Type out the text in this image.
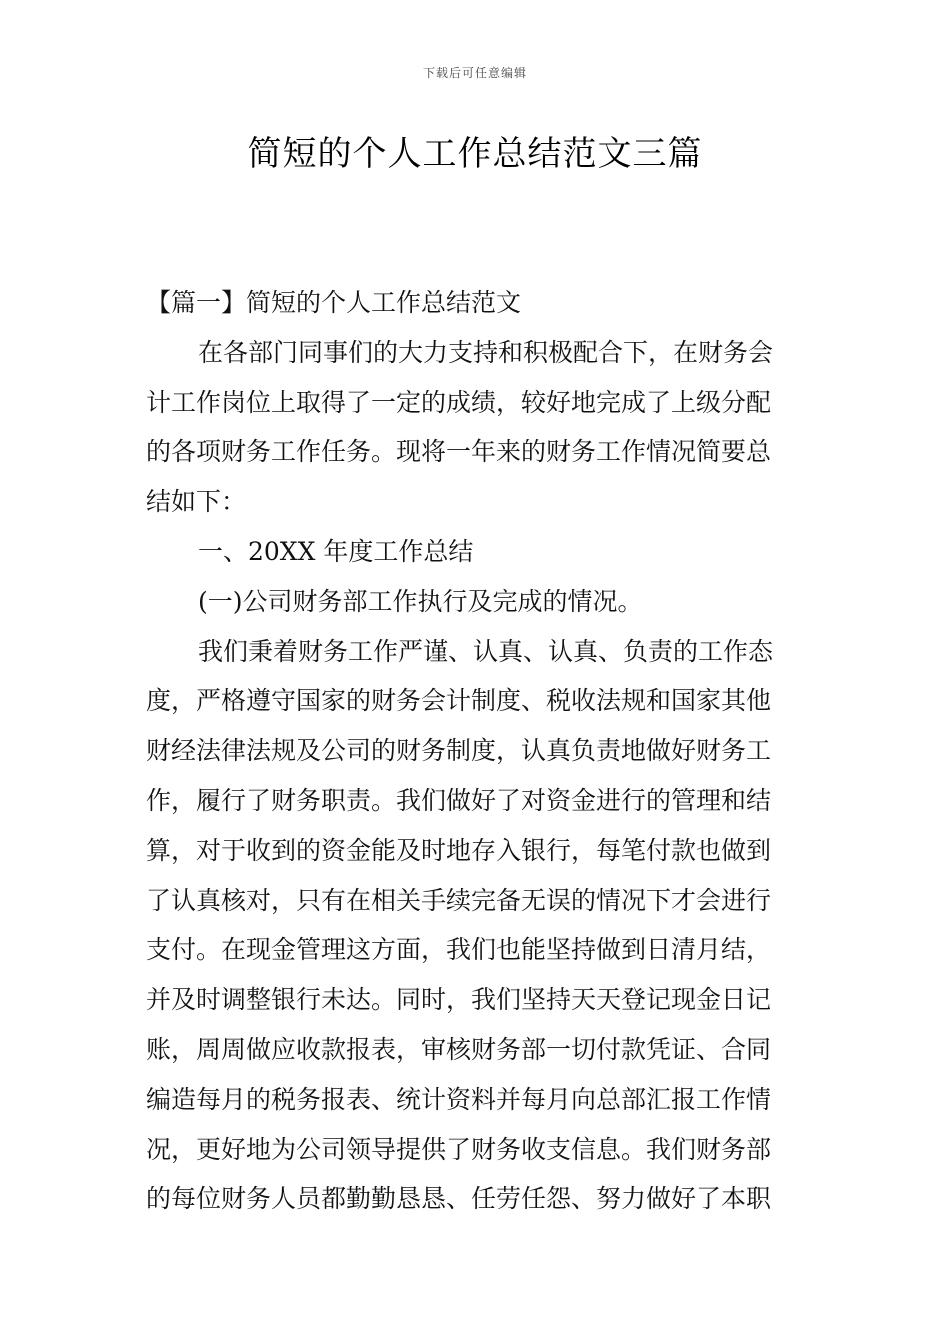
下载后可任意编辑
简短的个人工作总结范文三篇
【篇一】简短的个人工作总结范文
在各部门同事们的大力支持和积极配合下，在财务会
计工作岗位上取得了一定的成绩，较好地完成了上级分配
的各项财务工作任务。现将一年来的财务工作情况简要总
结如下：
一、20XX 年度工作总结
(一)公司财务部工作执行及完成的情况。
我们秉着财务工作严谨、认真、认真、负责的工作态
度，严格遵守国家的财务会计制度、税收法规和国家其他
财经法律法规及公司的财务制度，认真负责地做好财务工
作，履行了财务职责。我们做好了对资金进行的管理和结
算，对于收到的资金能及时地存入银行，每笔付款也做到
了认真核对，只有在相关手续完备无误的情况下才会进行
支付。在现金管理这方面，我们也能坚持做到日清月结，
并及时调整银行未达。同时，我们坚持天天登记现金日记
账，周周做应收款报表，审核财务部一切付款凭证、合同
编造每月的税务报表、统计资料并每月向总部汇报工作情
况，更好地为公司领导提供了财务收支信息。我们财务部
的每位财务人员都勤勤恳恳、任劳任怨、努力做好了本职
